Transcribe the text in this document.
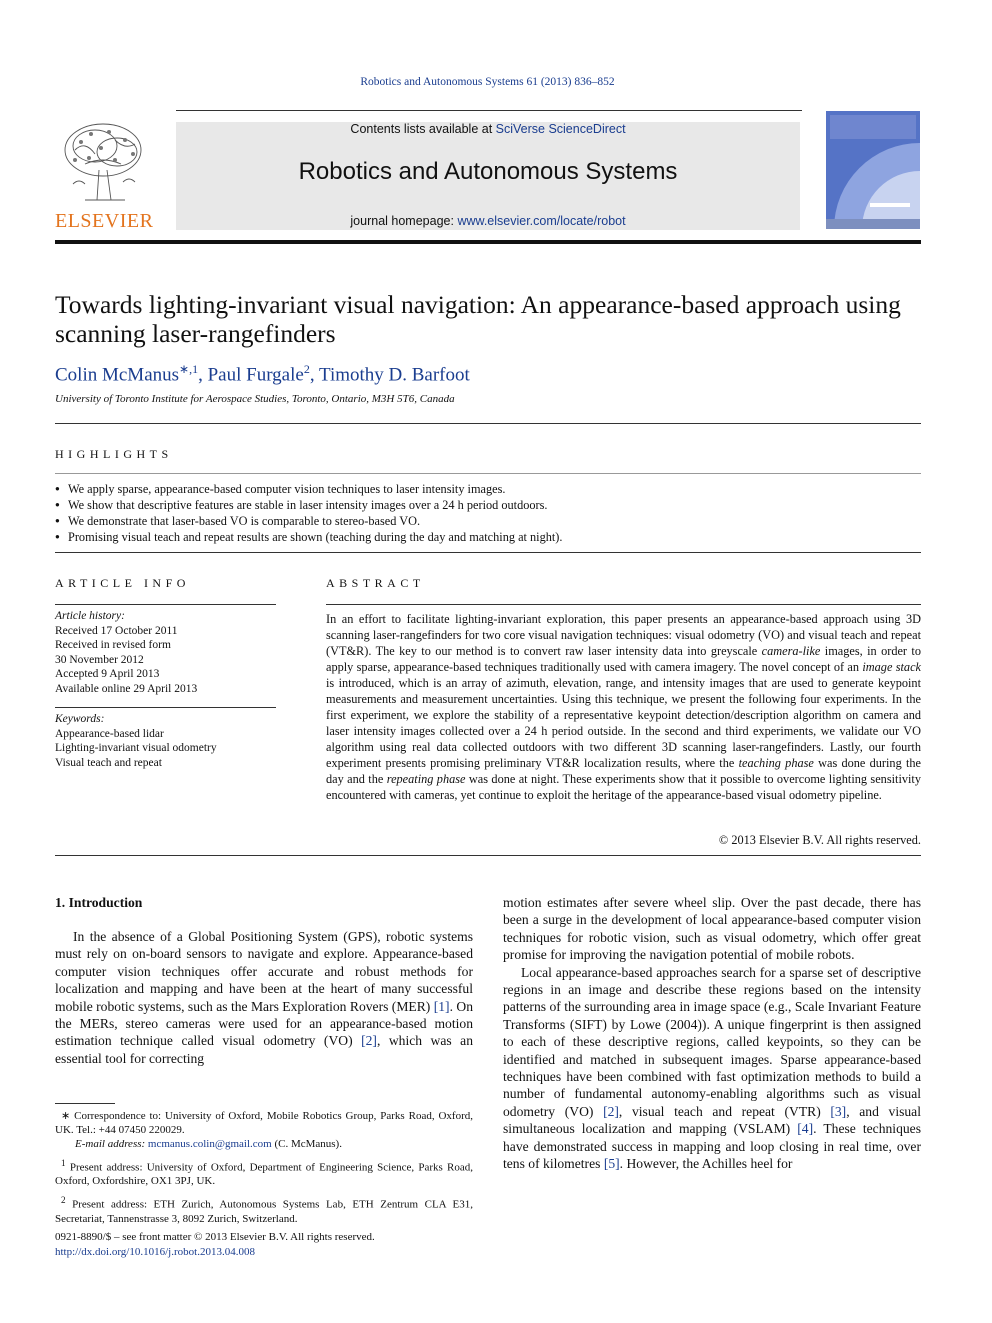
Robotics and Autonomous Systems 61 (2013) 836–852
ELSEVIER
Contents lists available at SciVerse ScienceDirect
Robotics and Autonomous Systems
journal homepage: www.elsevier.com/locate/robot
Towards lighting-invariant visual navigation: An appearance-based approach using scanning laser-rangefinders
Colin McManus$^{∗,1}$, Paul Furgale$^2$, Timothy D. Barfoot
University of Toronto Institute for Aerospace Studies, Toronto, Ontario, M3H 5T6, Canada
HIGHLIGHTS
● We apply sparse, appearance-based computer vision techniques to laser intensity images.
● We show that descriptive features are stable in laser intensity images over a 24 h period outdoors.
● We demonstrate that laser-based VO is comparable to stereo-based VO.
● Promising visual teach and repeat results are shown (teaching during the day and matching at night).
ARTICLE INFO
Article history:
Received 17 October 2011
Received in revised form
30 November 2012
Accepted 9 April 2013
Available online 29 April 2013
Keywords:
Appearance-based lidar
Lighting-invariant visual odometry
Visual teach and repeat
ABSTRACT
In an effort to facilitate lighting-invariant exploration, this paper presents an appearance-based approach using 3D scanning laser-rangefinders for two core visual navigation techniques: visual odometry (VO) and visual teach and repeat (VT&R). The key to our method is to convert raw laser intensity data into greyscale camera-like images, in order to apply sparse, appearance-based techniques traditionally used with camera imagery. The novel concept of an image stack is introduced, which is an array of azimuth, elevation, range, and intensity images that are used to generate keypoint measurements and measurement uncertainties. Using this technique, we present the following four experiments. In the first experiment, we explore the stability of a representative keypoint detection/description algorithm on camera and laser intensity images collected over a 24 h period outside. In the second and third experiments, we validate our VO algorithm using real data collected outdoors with two different 3D scanning laser-rangefinders. Lastly, our fourth experiment presents promising preliminary VT&R localization results, where the teaching phase was done during the day and the repeating phase was done at night. These experiments show that it possible to overcome lighting sensitivity encountered with cameras, yet continue to exploit the heritage of the appearance-based visual odometry pipeline.
© 2013 Elsevier B.V. All rights reserved.
1. Introduction

In the absence of a Global Positioning System (GPS), robotic systems must rely on on-board sensors to navigate and explore. Appearance-based computer vision techniques offer accurate and robust methods for localization and mapping and have been at the heart of many successful mobile robotic systems, such as the Mars Exploration Rovers (MER) [1]. On the MERs, stereo cameras were used for an appearance-based motion estimation technique called visual odometry (VO) [2], which was an essential tool for correcting

motion estimates after severe wheel slip. Over the past decade, there has been a surge in the development of local appearance-based computer vision techniques for robotic vision, such as visual odometry, which offer great promise for improving the navigation potential of mobile robots.

Local appearance-based approaches search for a sparse set of descriptive regions in an image and describe these regions based on the intensity patterns of the surrounding area in image space (e.g., Scale Invariant Feature Transforms (SIFT) by Lowe (2004)). A unique fingerprint is then assigned to each of these descriptive regions, called keypoints, so they can be identified and matched in subsequent images. Sparse appearance-based techniques have been combined with fast optimization methods to build a number of fundamental autonomy-enabling algorithms such as visual odometry (VO) [2], visual teach and repeat (VTR) [3], and visual simultaneous localization and mapping (VSLAM) [4]. These techniques have demonstrated success in mapping and loop closing in real time, over tens of kilometres [5]. However, the Achilles heel for

∗ Correspondence to: University of Oxford, Mobile Robotics Group, Parks Road, Oxford, UK. Tel.: +44 07450 220029.
E-mail address: mcmanus.colin@gmail.com (C. McManus).
$^1$ Present address: University of Oxford, Department of Engineering Science, Parks Road, Oxford, Oxfordshire, OX1 3PJ, UK.
$^2$ Present address: ETH Zurich, Autonomous Systems Lab, ETH Zentrum CLA E31, Secretariat, Tannenstrasse 3, 8092 Zurich, Switzerland.
0921-8890/$ – see front matter © 2013 Elsevier B.V. All rights reserved.
http://dx.doi.org/10.1016/j.robot.2013.04.008
